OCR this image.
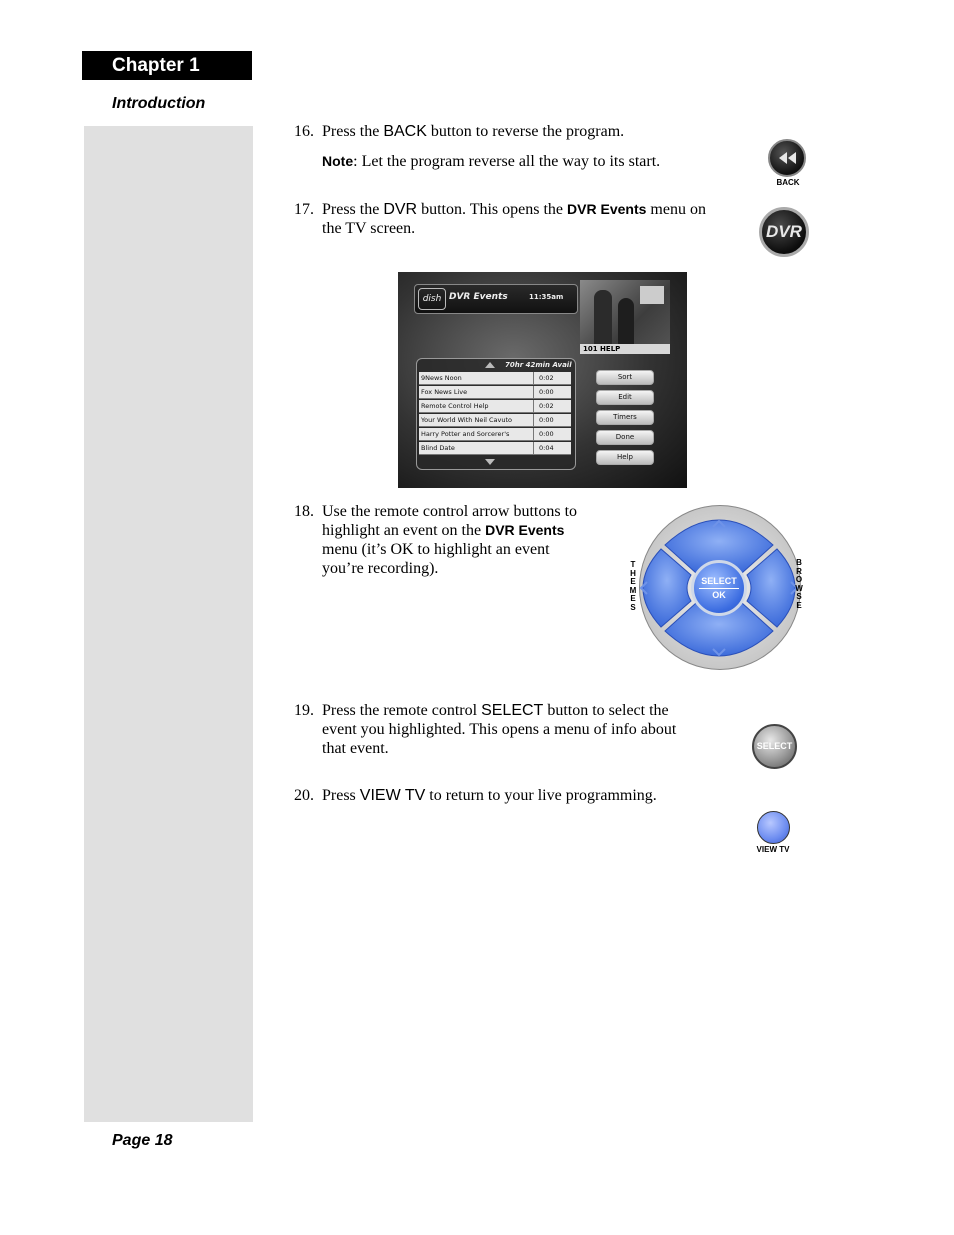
Chapter 1
Introduction
Page 18
16. Press the BACK button to reverse the program.
Note: Let the program reverse all the way to its start.
17. Press the DVR button. This opens the DVR Events menu on
the TV screen.
dish DVR Events	11:35am
101 HELP
70hr 42min Avail
9News Noon	0:02
Fox News Live	0:00
Remote Control Help	0:02
Your World With Neil Cavuto	0:00
Harry Potter and Sorcerer's	0:00
Blind Date	0:04
Sort
Edit
Timers
Done
Help
18. Use the remote control arrow buttons to
highlight an event on the DVR Events
menu (it’s OK to highlight an event
you’re recording).
SELECT
OK
T
H
E
M
E
S
B
R
O
W
S
E
19. Press the remote control SELECT button to select the
event you highlighted. This opens a menu of info about
that event.
20. Press VIEW TV to return to your live programming.
BACK
DVR
SELECT
VIEW TV
